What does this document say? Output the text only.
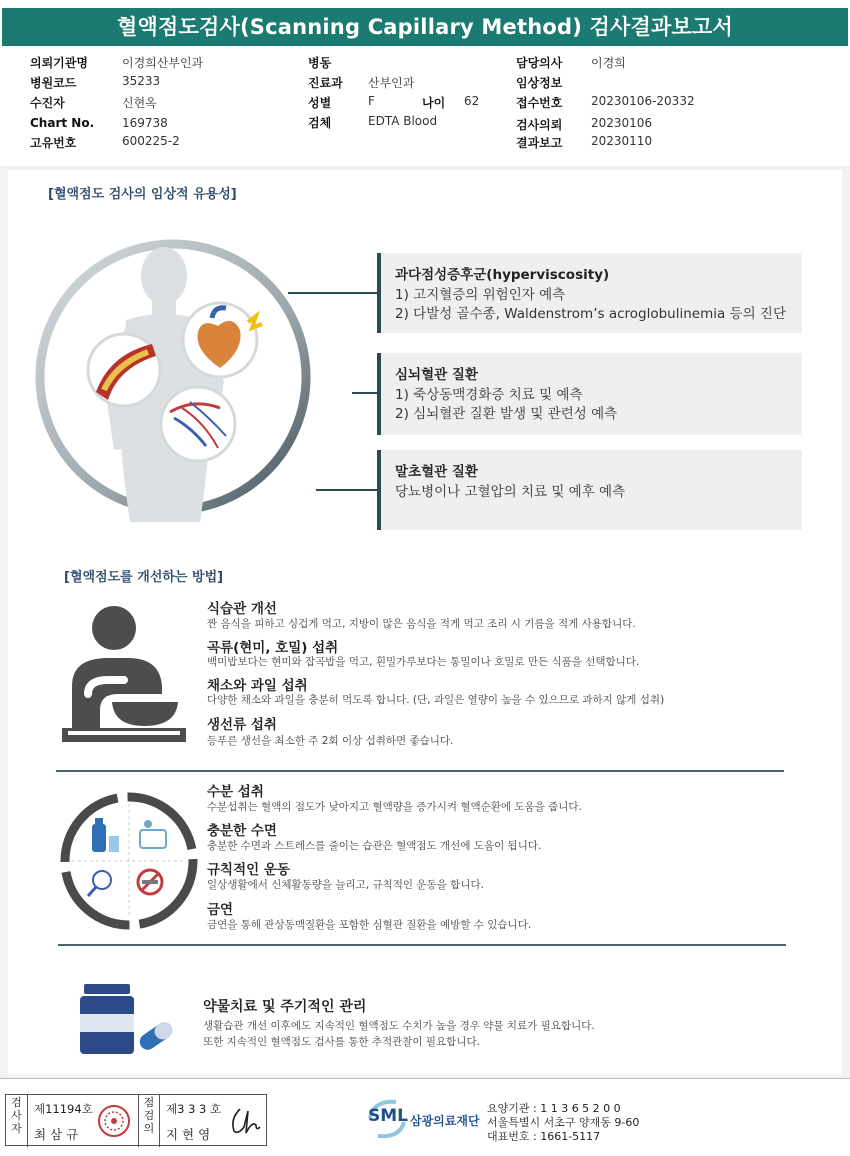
혈액점도검사(Scanning Capillary Method) 검사결과보고서
의뢰기관명	이경희산부인과
병원코드	35233
수진자	신현옥
Chart No. 169738
고유번호	600225-2
병동
진료과 산부인과
성별	F	나이 62
검체	EDTA Blood
담당의사 이경희
임상정보
접수번호 20230106-20332
검사의뢰 20230106
결과보고 20230110
[혈액점도 검사의 임상적 유용성]
과다점성증후군(hyperviscosity)
1) 고지혈증의 위험인자 예측
2) 다발성 골수종, Waldenstrom’s acroglobulinemia 등의 진단
심뇌혈관 질환
1) 죽상동맥경화증 치료 및 예측
2) 심뇌혈관 질환 발생 및 관련성 예측
말초혈관 질환
당뇨병이나 고혈압의 치료 및 예후 예측
[혈액점도를 개선하는 방법]
식습관 개선
짠 음식을 피하고 싱겁게 먹고, 지방이 많은 음식을 적게 먹고 조리 시 기름을 적게 사용합니다.
곡류(현미, 호밀) 섭취
백미밥보다는 현미와 잡곡밥을 먹고, 흰밀가루보다는 통밀이나 호밀로 만든 식품을 선택합니다.
채소와 과일 섭취
다양한 채소와 과일을 충분히 먹도록 합니다. (단, 과일은 열량이 높을 수 있으므로 과하지 않게 섭취)
생선류 섭취
등푸른 생선을 최소한 주 2회 이상 섭취하면 좋습니다.
수분 섭취
수분섭취는 혈액의 점도가 낮아지고 혈액량을 증가시켜 혈액순환에 도움을 줍니다.
충분한 수면
충분한 수면과 스트레스를 줄이는 습관은 혈액점도 개선에 도움이 됩니다.
규칙적인 운동
일상생활에서 신체활동량을 늘리고, 규칙적인 운동을 합니다.
금연
금연을 통해 관상동맥질환을 포함한 심혈관 질환을 예방할 수 있습니다.
약물치료 및 주기적인 관리
생활습관 개선 이후에도 지속적인 혈액점도 수치가 높을 경우 약물 치료가 필요합니다.
또한 지속적인 혈액점도 검사를 통한 추적관찰이 필요합니다.
검사자
제11194호
최 삼 규
점검의
제3 3 3 호
지 현 영
SML 삼광의료재단
요양기관 : 1 1 3 6 5 2 0 0
서울특별시 서초구 양재동 9-60
대표번호 : 1661-5117
